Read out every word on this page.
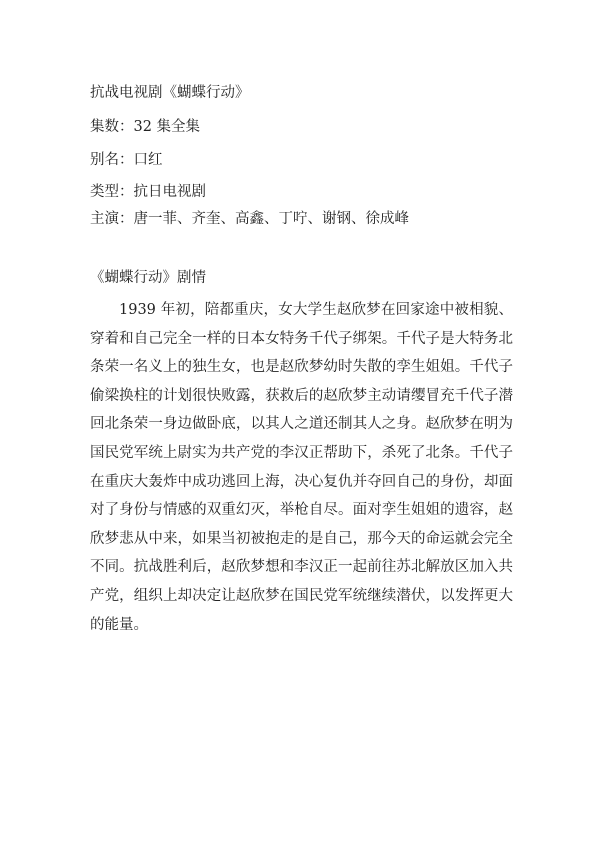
抗战电视剧《蝴蝶行动》
集数：32 集全集
别名：口红
类型：抗日电视剧
主演：唐一菲、齐奎、高鑫、丁咛、谢钢、徐成峰
《蝴蝶行动》剧情

1939 年初，陪都重庆，女大学生赵欣梦在回家途中被相貌、穿着和自己完全一样的日本女特务千代子绑架。千代子是大特务北条荣一名义上的独生女，也是赵欣梦幼时失散的孪生姐姐。千代子偷梁换柱的计划很快败露，获救后的赵欣梦主动请缨冒充千代子潜回北条荣一身边做卧底，以其人之道还制其人之身。赵欣梦在明为国民党军统上尉实为共产党的李汉正帮助下，杀死了北条。千代子在重庆大轰炸中成功逃回上海，决心复仇并夺回自己的身份，却面对了身份与情感的双重幻灭，举枪自尽。面对孪生姐姐的遗容，赵欣梦悲从中来，如果当初被抱走的是自己，那今天的命运就会完全不同。抗战胜利后，赵欣梦想和李汉正一起前往苏北解放区加入共产党，组织上却决定让赵欣梦在国民党军统继续潜伏，以发挥更大的能量。
